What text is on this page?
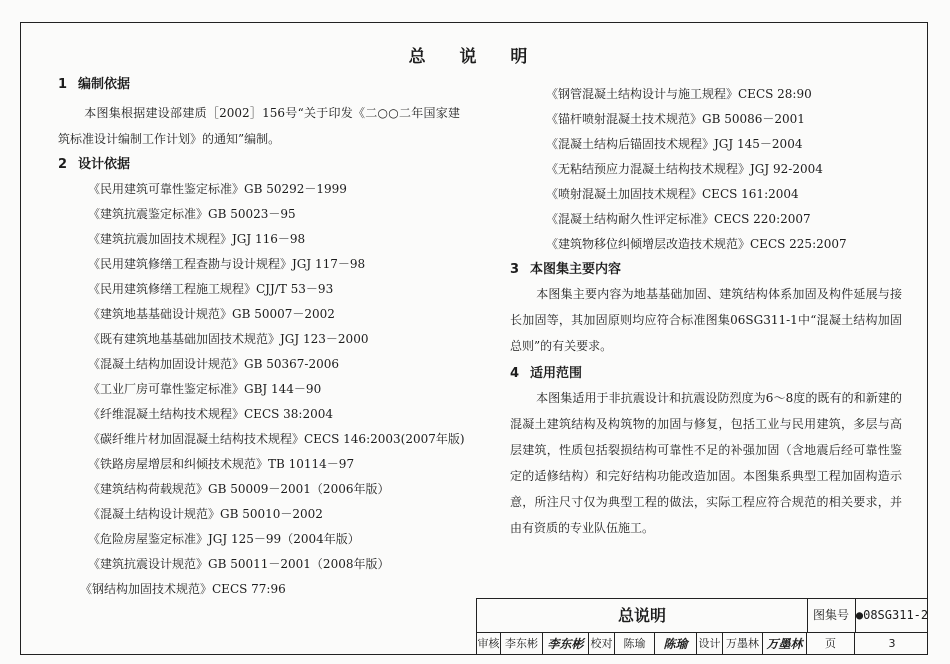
总 说 明
1 编制依据

本图集根据建设部建质［2002］156号“关于印发《二○○二年国家建筑标准设计编制工作计划》的通知”编制。

2 设计依据
《民用建筑可靠性鉴定标准》GB 50292－1999
《建筑抗震鉴定标准》GB 50023－95
《建筑抗震加固技术规程》JGJ 116－98
《民用建筑修缮工程查勘与设计规程》JGJ 117－98
《民用建筑修缮工程施工规程》CJJ/T 53－93
《建筑地基基础设计规范》GB 50007－2002
《既有建筑地基基础加固技术规范》JGJ 123－2000
《混凝土结构加固设计规范》GB 50367-2006
《工业厂房可靠性鉴定标准》GBJ 144－90
《纤维混凝土结构技术规程》CECS 38:2004
《碳纤维片材加固混凝土结构技术规程》CECS 146:2003(2007年版)
《铁路房屋增层和纠倾技术规范》TB 10114－97
《建筑结构荷载规范》GB 50009－2001（2006年版）
《混凝土结构设计规范》GB 50010－2002
《危险房屋鉴定标准》JGJ 125－99（2004年版）
《建筑抗震设计规范》GB 50011－2001（2008年版）
《钢结构加固技术规范》CECS 77:96
《钢管混凝土结构设计与施工规程》CECS 28:90
《锚杆喷射混凝土技术规范》GB 50086－2001
《混凝土结构后锚固技术规程》JGJ 145－2004
《无粘结预应力混凝土结构技术规程》JGJ 92-2004
《喷射混凝土加固技术规程》CECS 161:2004
《混凝土结构耐久性评定标准》CECS 220:2007
《建筑物移位纠倾增层改造技术规范》CECS 225:2007
3 本图集主要内容

本图集主要内容为地基基础加固、建筑结构体系加固及构件延展与接长加固等，其加固原则均应符合标准图集06SG311-1中“混凝土结构加固总则”的有关要求。

4 适用范围

本图集适用于非抗震设计和抗震设防烈度为6～8度的既有的和新建的混凝土建筑结构及构筑物的加固与修复，包括工业与民用建筑，多层与高层建筑，性质包括裂损结构可靠性不足的补强加固（含地震后经可靠性鉴定的适修结构）和完好结构功能改造加固。本图集系典型工程加固构造示意，所注尺寸仅为典型工程的做法，实际工程应符合规范的相关要求，并由有资质的专业队伍施工。

总说明	图集号 ●08SG311-2
审核 李东彬 李东彬 校对	陈瑜	陈瑜	设计 万墨林 万墨林	页	3
